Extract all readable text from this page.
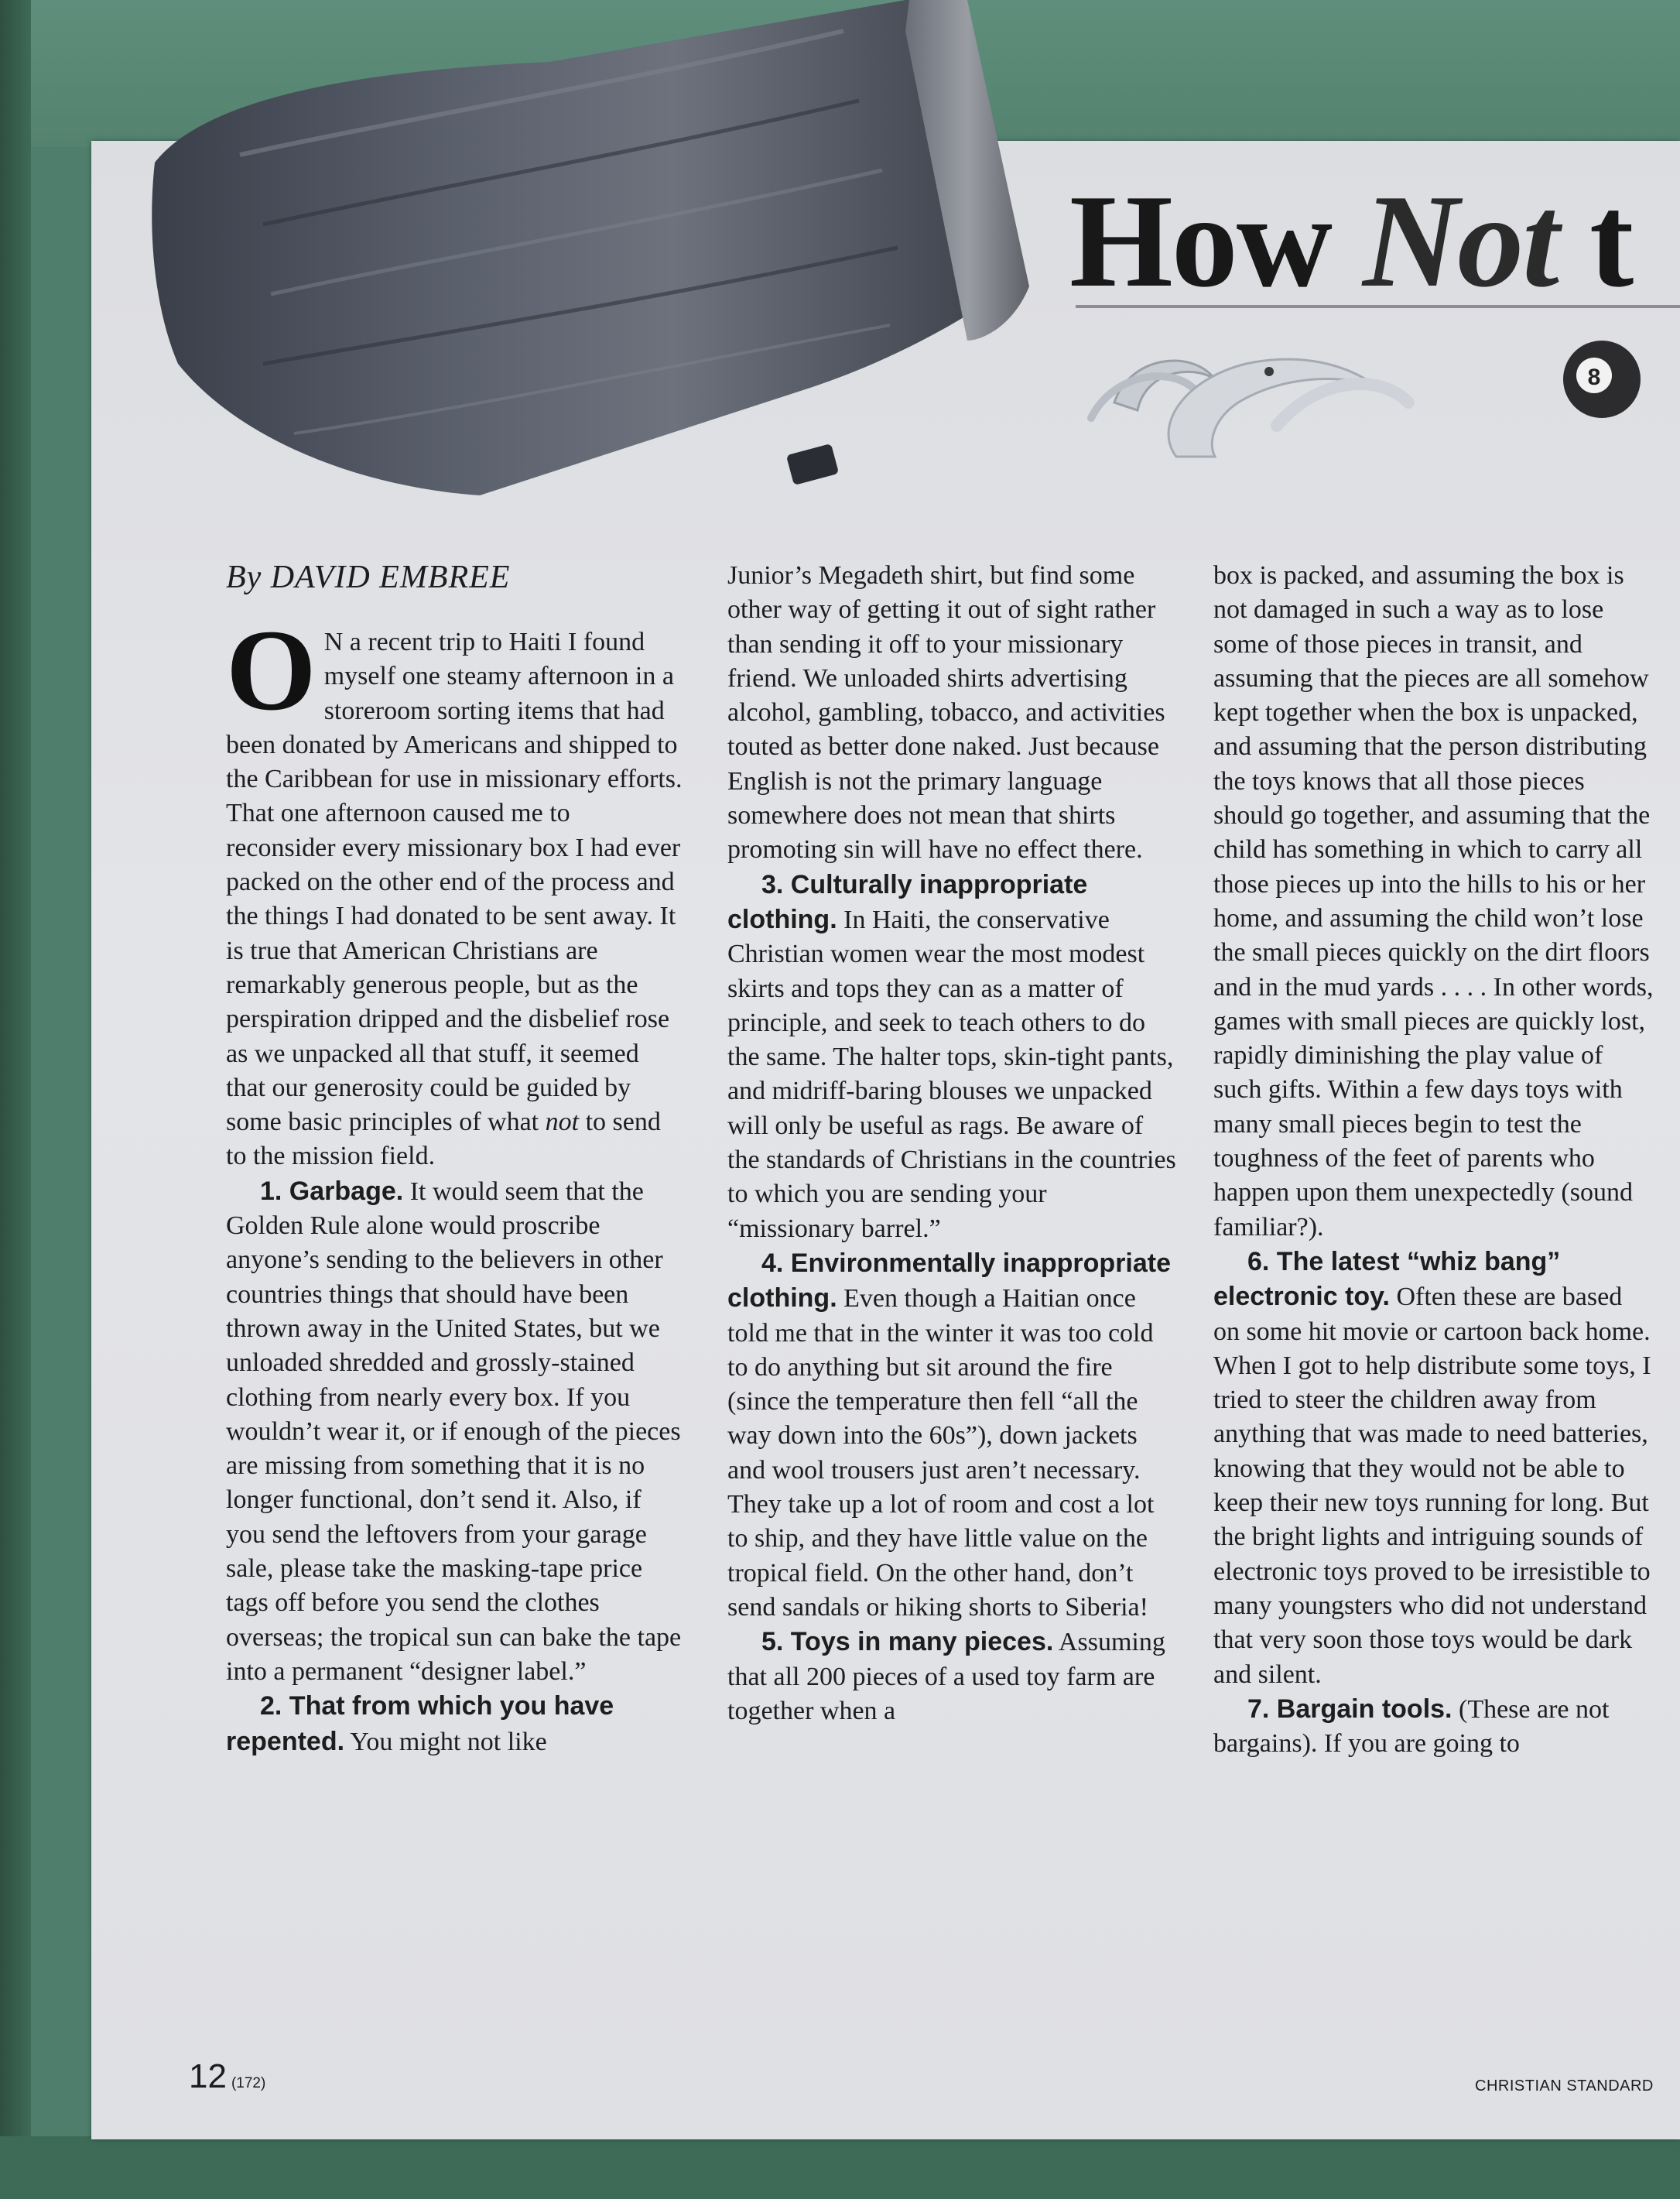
How Not t
8
By DAVID EMBREE

O N a recent trip to Haiti I found myself one steamy afternoon in a storeroom sorting items that had been donated by Americans and shipped to the Caribbean for use in missionary efforts. That one afternoon caused me to reconsider every missionary box I had ever packed on the other end of the process and the things I had donated to be sent away. It is true that American Christians are remarkably generous people, but as the perspiration dripped and the disbelief rose as we unpacked all that stuff, it seemed that our generosity could be guided by some basic principles of what not to send to the mission field.

1. Garbage. It would seem that the Golden Rule alone would proscribe anyone’s sending to the believers in other countries things that should have been thrown away in the United States, but we unloaded shredded and grossly-stained clothing from nearly every box. If you wouldn’t wear it, or if enough of the pieces are missing from something that it is no longer functional, don’t send it. Also, if you send the leftovers from your garage sale, please take the masking-tape price tags off before you send the clothes overseas; the tropical sun can bake the tape into a permanent “designer label.”

2. That from which you have repented. You might not like

Junior’s Megadeth shirt, but find some other way of getting it out of sight rather than sending it off to your missionary friend. We unloaded shirts advertising alcohol, gambling, tobacco, and activities touted as better done naked. Just because English is not the primary language somewhere does not mean that shirts promoting sin will have no effect there.

3. Culturally inappropriate clothing. In Haiti, the conservative Christian women wear the most modest skirts and tops they can as a matter of principle, and seek to teach others to do the same. The halter tops, skin-tight pants, and midriff-baring blouses we unpacked will only be useful as rags. Be aware of the standards of Christians in the countries to which you are sending your “missionary barrel.”

4. Environmentally inappropriate clothing. Even though a Haitian once told me that in the winter it was too cold to do anything but sit around the fire (since the temperature then fell “all the way down into the 60s”), down jackets and wool trousers just aren’t necessary. They take up a lot of room and cost a lot to ship, and they have little value on the tropical field. On the other hand, don’t send sandals or hiking shorts to Siberia!

5. Toys in many pieces. Assuming that all 200 pieces of a used toy farm are together when a

box is packed, and assuming the box is not damaged in such a way as to lose some of those pieces in transit, and assuming that the pieces are all somehow kept together when the box is unpacked, and assuming that the person distributing the toys knows that all those pieces should go together, and assuming that the child has something in which to carry all those pieces up into the hills to his or her home, and assuming the child won’t lose the small pieces quickly on the dirt floors and in the mud yards . . . . In other words, games with small pieces are quickly lost, rapidly diminishing the play value of such gifts. Within a few days toys with many small pieces begin to test the toughness of the feet of parents who happen upon them unexpectedly (sound familiar?).

6. The latest “whiz bang” electronic toy. Often these are based on some hit movie or cartoon back home. When I got to help distribute some toys, I tried to steer the children away from anything that was made to need batteries, knowing that they would not be able to keep their new toys running for long. But the bright lights and intriguing sounds of electronic toys proved to be irresistible to many youngsters who did not understand that very soon those toys would be dark and silent.

7. Bargain tools. (These are not bargains). If you are going to

12 (172)	CHRISTIAN STANDARD
